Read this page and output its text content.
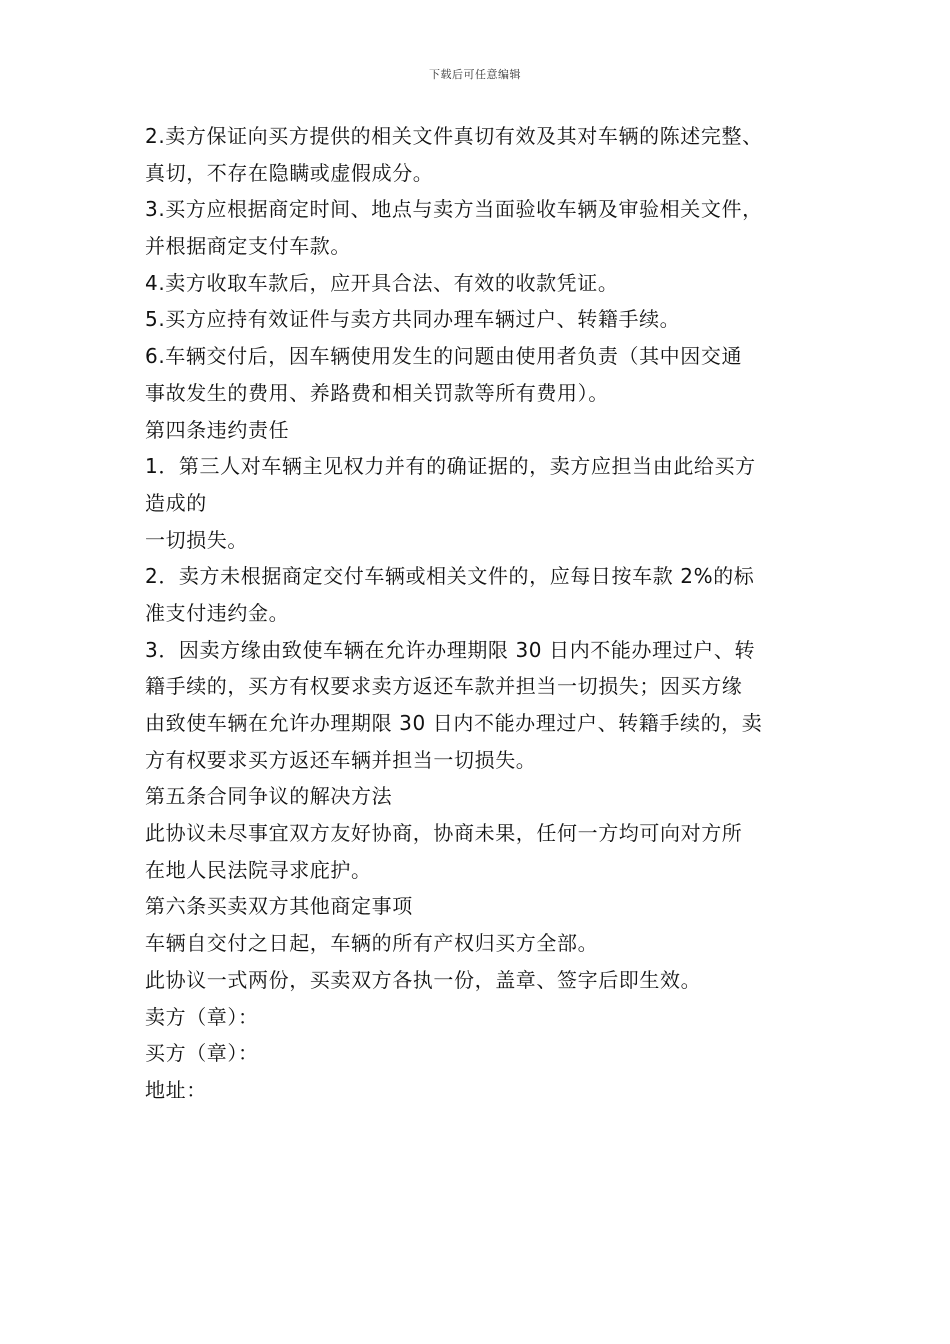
下载后可任意编辑
2.卖方保证向买方提供的相关文件真切有效及其对车辆的陈述完整、
真切，不存在隐瞒或虚假成分。
3.买方应根据商定时间、地点与卖方当面验收车辆及审验相关文件，
并根据商定支付车款。
4.卖方收取车款后，应开具合法、有效的收款凭证。
5.买方应持有效证件与卖方共同办理车辆过户、转籍手续。
6.车辆交付后，因车辆使用发生的问题由使用者负责（其中因交通
事故发生的费用、养路费和相关罚款等所有费用）。
第四条违约责任
1．第三人对车辆主见权力并有的确证据的，卖方应担当由此给买方
造成的
一切损失。
2．卖方未根据商定交付车辆或相关文件的，应每日按车款 2%的标
准支付违约金。
3．因卖方缘由致使车辆在允许办理期限 30 日内不能办理过户、转
籍手续的，买方有权要求卖方返还车款并担当一切损失；因买方缘
由致使车辆在允许办理期限 30 日内不能办理过户、转籍手续的，卖
方有权要求买方返还车辆并担当一切损失。
第五条合同争议的解决方法
此协议未尽事宜双方友好协商，协商未果，任何一方均可向对方所
在地人民法院寻求庇护。
第六条买卖双方其他商定事项
车辆自交付之日起，车辆的所有产权归买方全部。
此协议一式两份，买卖双方各执一份，盖章、签字后即生效。
卖方（章）：
买方（章）：
地址：
